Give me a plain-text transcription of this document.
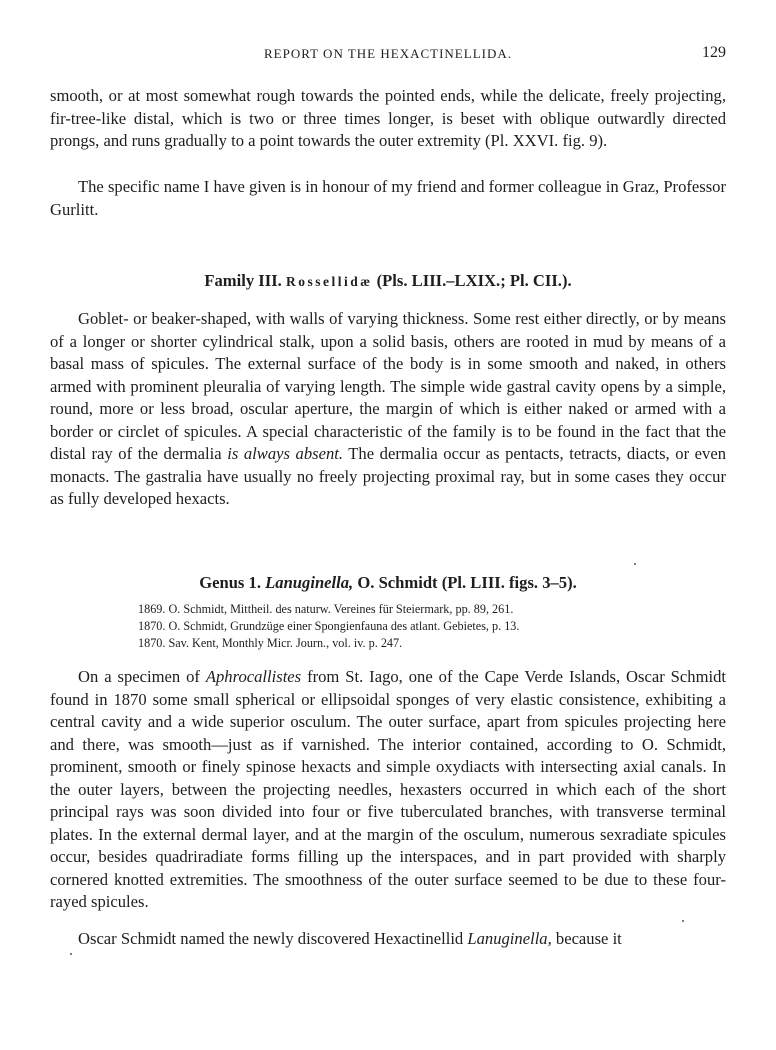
REPORT ON THE HEXACTINELLIDA.	129

smooth, or at most somewhat rough towards the pointed ends, while the delicate, freely projecting, fir-tree-like distal, which is two or three times longer, is beset with oblique outwardly directed prongs, and runs gradually to a point towards the outer extremity (Pl. XXVI. fig. 9).

The specific name I have given is in honour of my friend and former colleague in Graz, Professor Gurlitt.

Family III. Rossellidæ (Pls. LIII.–LXIX.; Pl. CII.).

Goblet- or beaker-shaped, with walls of varying thickness. Some rest either directly, or by means of a longer or shorter cylindrical stalk, upon a solid basis, others are rooted in mud by means of a basal mass of spicules. The external surface of the body is in some smooth and naked, in others armed with prominent pleuralia of varying length. The simple wide gastral cavity opens by a simple, round, more or less broad, oscular aperture, the margin of which is either naked or armed with a border or circlet of spicules. A special characteristic of the family is to be found in the fact that the distal ray of the dermalia is always absent. The dermalia occur as pentacts, tetracts, diacts, or even monacts. The gastralia have usually no freely projecting proximal ray, but in some cases they occur as fully developed hexacts.

Genus 1. Lanuginella, O. Schmidt (Pl. LIII. figs. 3–5).
1869. O. Schmidt, Mittheil. des naturw. Vereines für Steiermark, pp. 89, 261.
1870. O. Schmidt, Grundzüge einer Spongienfauna des atlant. Gebietes, p. 13.
1870. Sav. Kent, Monthly Micr. Journ., vol. iv. p. 247.

On a specimen of Aphrocallistes from St. Iago, one of the Cape Verde Islands, Oscar Schmidt found in 1870 some small spherical or ellipsoidal sponges of very elastic consistence, exhibiting a central cavity and a wide superior osculum. The outer surface, apart from spicules projecting here and there, was smooth—just as if varnished. The interior contained, according to O. Schmidt, prominent, smooth or finely spinose hexacts and simple oxydiacts with intersecting axial canals. In the outer layers, between the projecting needles, hexasters occurred in which each of the short principal rays was soon divided into four or five tuberculated branches, with transverse terminal plates. In the external dermal layer, and at the margin of the osculum, numerous sexradiate spicules occur, besides quadriradiate forms filling up the interspaces, and in part provided with sharply cornered knotted extremities. The smoothness of the outer surface seemed to be due to these four-rayed spicules.

Oscar Schmidt named the newly discovered Hexactinellid Lanuginella, because it
